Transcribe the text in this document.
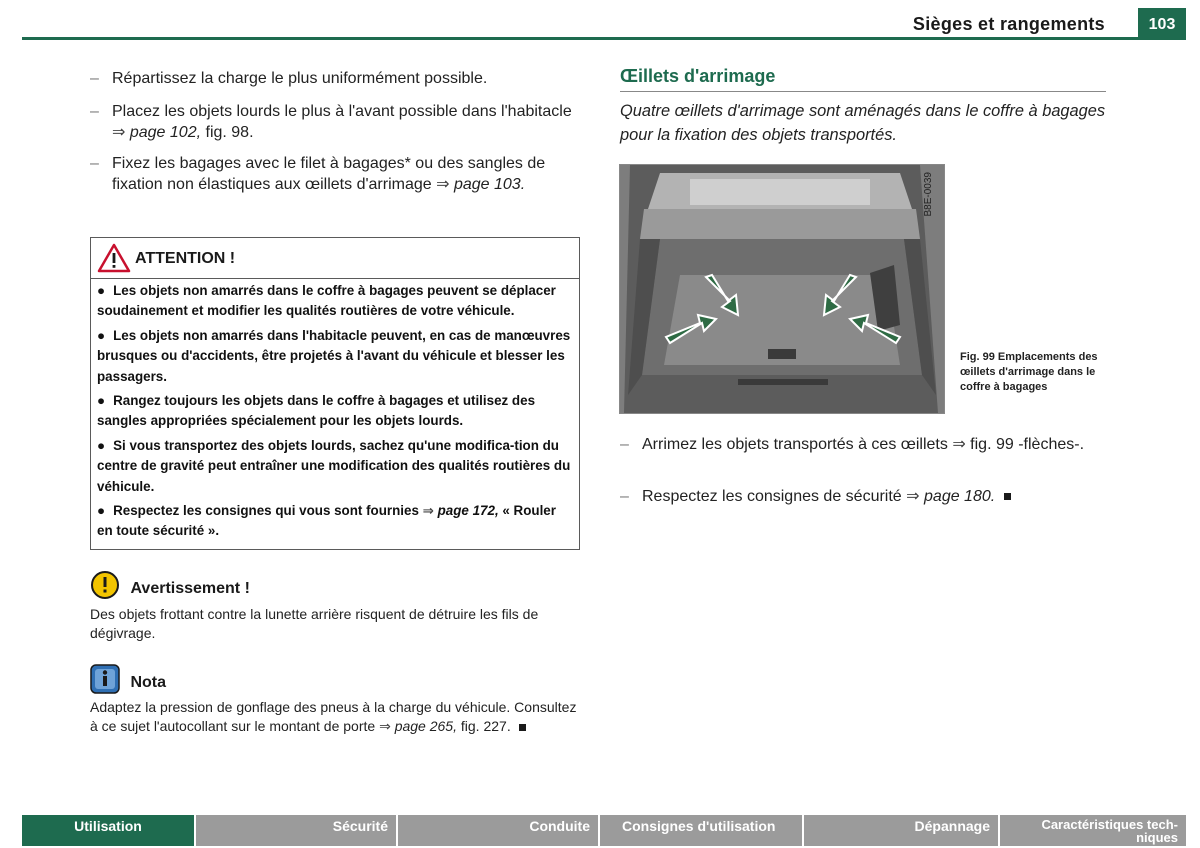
Sièges et rangements	103
– Répartissez la charge le plus uniformément possible.
– Placez les objets lourds le plus à l'avant possible dans l'habitacle ⇒ page 102, fig. 98.
– Fixez les bagages avec le filet à bagages* ou des sangles de fixation non élastiques aux œillets d'arrimage ⇒ page 103.
ATTENTION !
● Les objets non amarrés dans le coffre à bagages peuvent se déplacer soudainement et modifier les qualités routières de votre véhicule.
● Les objets non amarrés dans l'habitacle peuvent, en cas de manœuvres brusques ou d'accidents, être projetés à l'avant du véhicule et blesser les passagers.
● Rangez toujours les objets dans le coffre à bagages et utilisez des sangles appropriées spécialement pour les objets lourds.
● Si vous transportez des objets lourds, sachez qu'une modifica-tion du centre de gravité peut entraîner une modification des qualités routières du véhicule.
● Respectez les consignes qui vous sont fournies ⇒ page 172, « Rouler en toute sécurité ».
Avertissement !
Des objets frottant contre la lunette arrière risquent de détruire les fils de dégivrage.
Nota
Adaptez la pression de gonflage des pneus à la charge du véhicule. Consultez à ce sujet l'autocollant sur le montant de porte ⇒ page 265, fig. 227.
Œillets d'arrimage
Quatre œillets d'arrimage sont aménagés dans le coffre à bagages pour la fixation des objets transportés.
B8E-0039
Fig. 99 Emplacements des œillets d'arrimage dans le coffre à bagages
– Arrimez les objets transportés à ces œillets ⇒ fig. 99 -flèches-.
– Respectez les consignes de sécurité ⇒ page 180.
Utilisation	Sécurité	Conduite	Consignes d'utilisation	Dépannage	Caractéristiques tech-
niques
